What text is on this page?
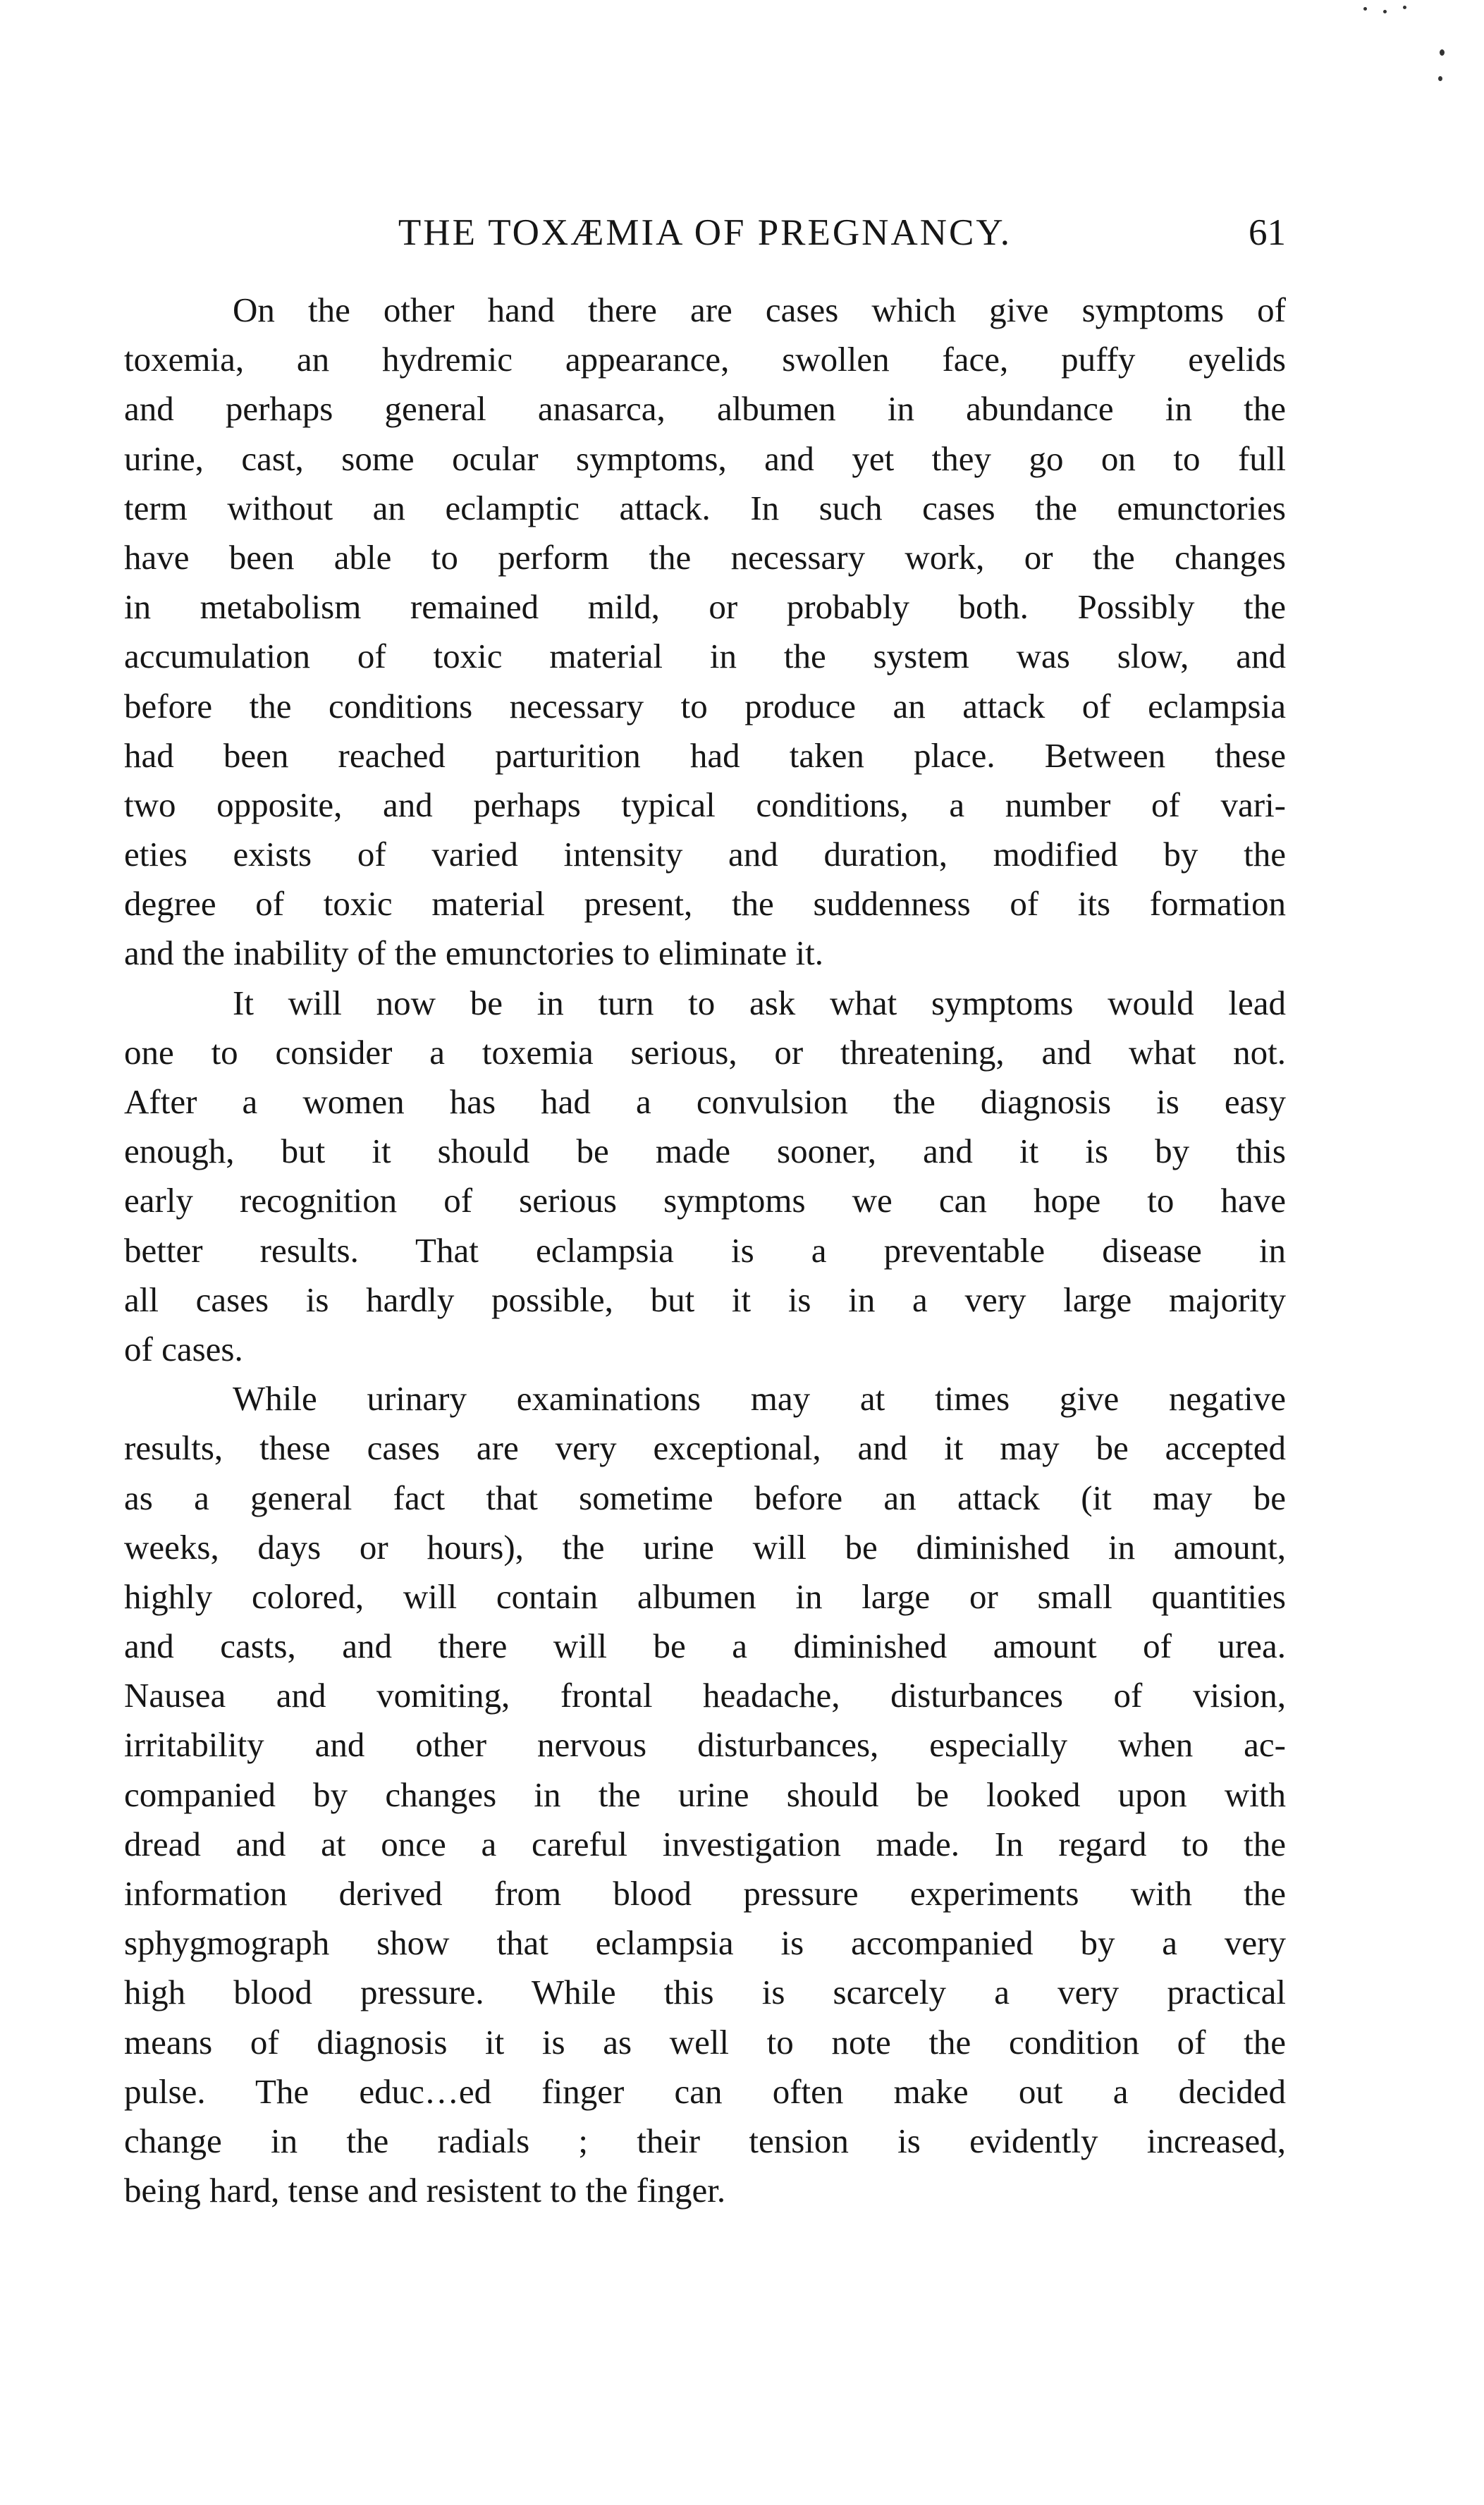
THE TOXÆMIA OF PREGNANCY.	61

On the other hand there are cases which give symptoms of
toxemia, an hydremic appearance, swollen face, puffy eyelids
and perhaps general anasarca, albumen in abundance in the
urine, cast, some ocular symptoms, and yet they go on to full
term without an eclamptic attack. In such cases the emunctories
have been able to perform the necessary work, or the changes
in metabolism remained mild, or probably both. Possibly the
accumulation of toxic material in the system was slow, and
before the conditions necessary to produce an attack of eclampsia
had been reached parturition had taken place. Between these
two opposite, and perhaps typical conditions, a number of vari-
eties exists of varied intensity and duration, modified by the
degree of toxic material present, the suddenness of its formation
and the inability of the emunctories to eliminate it.

It will now be in turn to ask what symptoms would lead
one to consider a toxemia serious, or threatening, and what not.
After a women has had a convulsion the diagnosis is easy
enough, but it should be made sooner, and it is by this
early recognition of serious symptoms we can hope to have
better results. That eclampsia is a preventable disease in
all cases is hardly possible, but it is in a very large majority
of cases.

While urinary examinations may at times give negative
results, these cases are very exceptional, and it may be accepted
as a general fact that sometime before an attack (it may be
weeks, days or hours), the urine will be diminished in amount,
highly colored, will contain albumen in large or small quantities
and casts, and there will be a diminished amount of urea.
Nausea and vomiting, frontal headache, disturbances of vision,
irritability and other nervous disturbances, especially when ac-
companied by changes in the urine should be looked upon with
dread and at once a careful investigation made. In regard to the
information derived from blood pressure experiments with the
sphygmograph show that eclampsia is accompanied by a very
high blood pressure. While this is scarcely a very practical
means of diagnosis it is as well to note the condition of the
pulse. The educ…ed finger can often make out a decided
change in the radials ; their tension is evidently increased,
being hard, tense and resistent to the finger.
